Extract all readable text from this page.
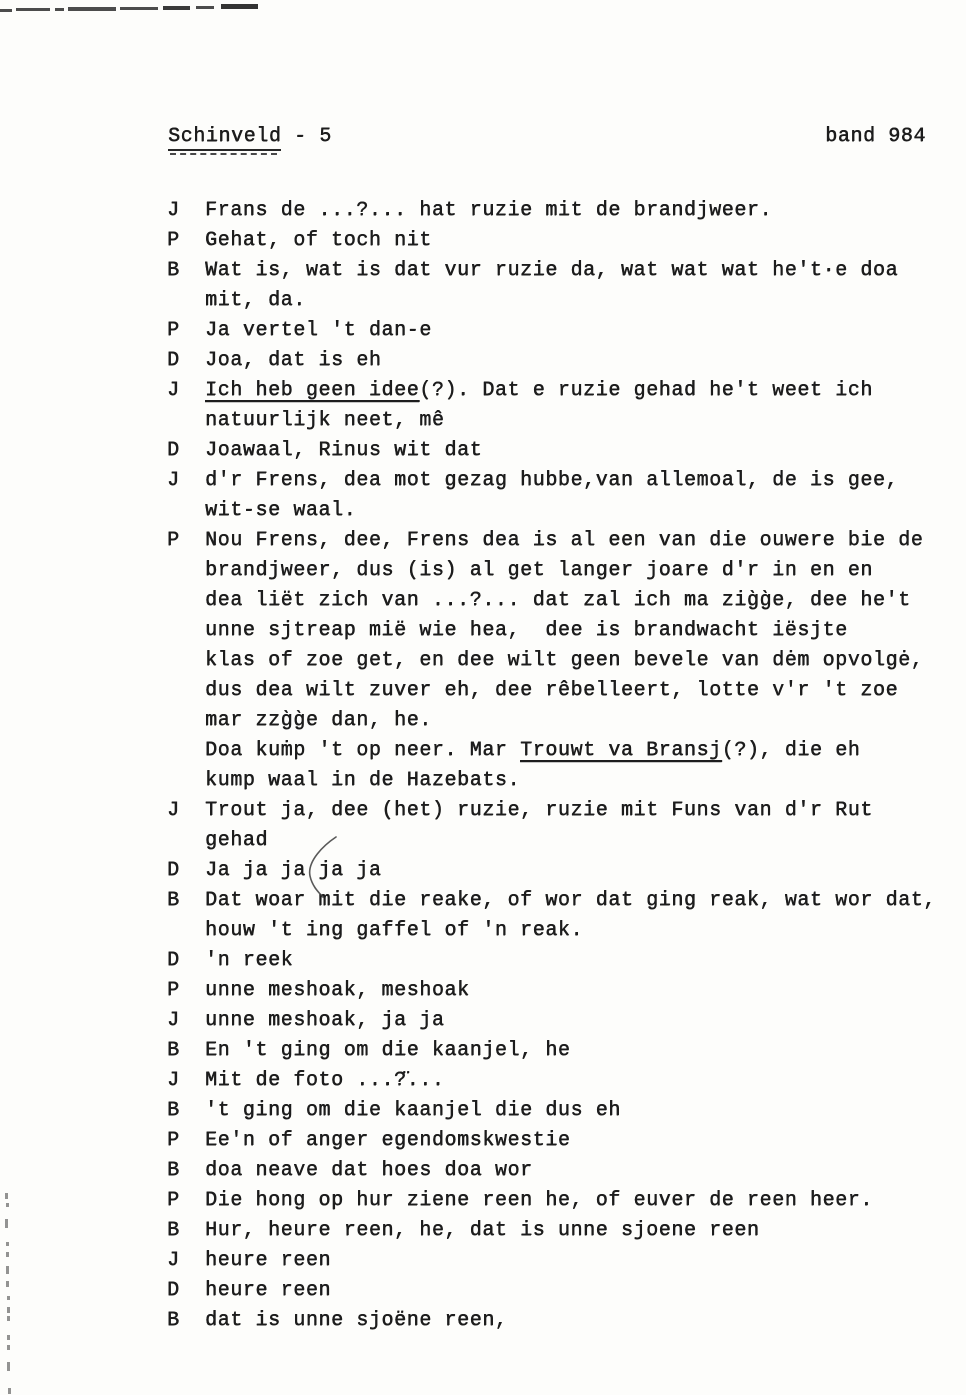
Schinveld - 5	band 984
J	Frans de ...?... hat ruzie mit de brandjweer.
P	Gehat, of toch nit
B	Wat is, wat is dat vur ruzie da, wat wat wat he't·e doa
mit, da.
P	Ja vertel 't dan-e
D	Joa, dat is eh
J	Ich heb geen idee(?). Dat e ruzie gehad he't weet ich
natuurlijk neet, mê
D	Joawaal, Rinus wit dat
J	d'r Frens, dea mot gezag hubbe,van allemoal, de is gee,
wit-se waal.
P	Nou Frens, dee, Frens dea is al een van die ouwere bie de
brandjweer, dus (is) al get langer joare d'r in en en
dea liët zich van ...?... dat zal ich ma zig̀g̀e, dee he't
unne sjtreap mië wie hea,  dee is brandwacht iësjte
klas of zoe get, en dee wilt geen bevele van dėm opvolgė,
dus dea wilt zuver eh, dee rêbelleert, lotte v'r 't zoe
mar zzg̀g̀e dan, he.
Doa kuṁp 't op neer. Mar Trouwt va Bransj(?), die eh
kump waal in de Hazebats.
J	Trout ja, dee (het) ruzie, ruzie mit Funs van d'r Rut
gehad
D	Ja ja ja ja ja
B	Dat woar mit die reake, of wor dat ging reak, wat wor dat,
houw 't ing gaffel of 'n reak.
D	'n reek
P	unne meshoak, meshoak
J	unne meshoak, ja ja
B	En 't ging om die kaanjel, he
J	Mit de foto ...?̈...
B	't ging om die kaanjel die dus eh
P	Ee'n of anger egendomskwestie
B	doa neave dat hoes doa wor
P	Die hong op hur ziene reen he, of euver de reen heer.
B	Hur, heure reen, he, dat is unne sjoene reen
J	heure reen
D	heure reen
B	dat is unne sjoëne reen,
